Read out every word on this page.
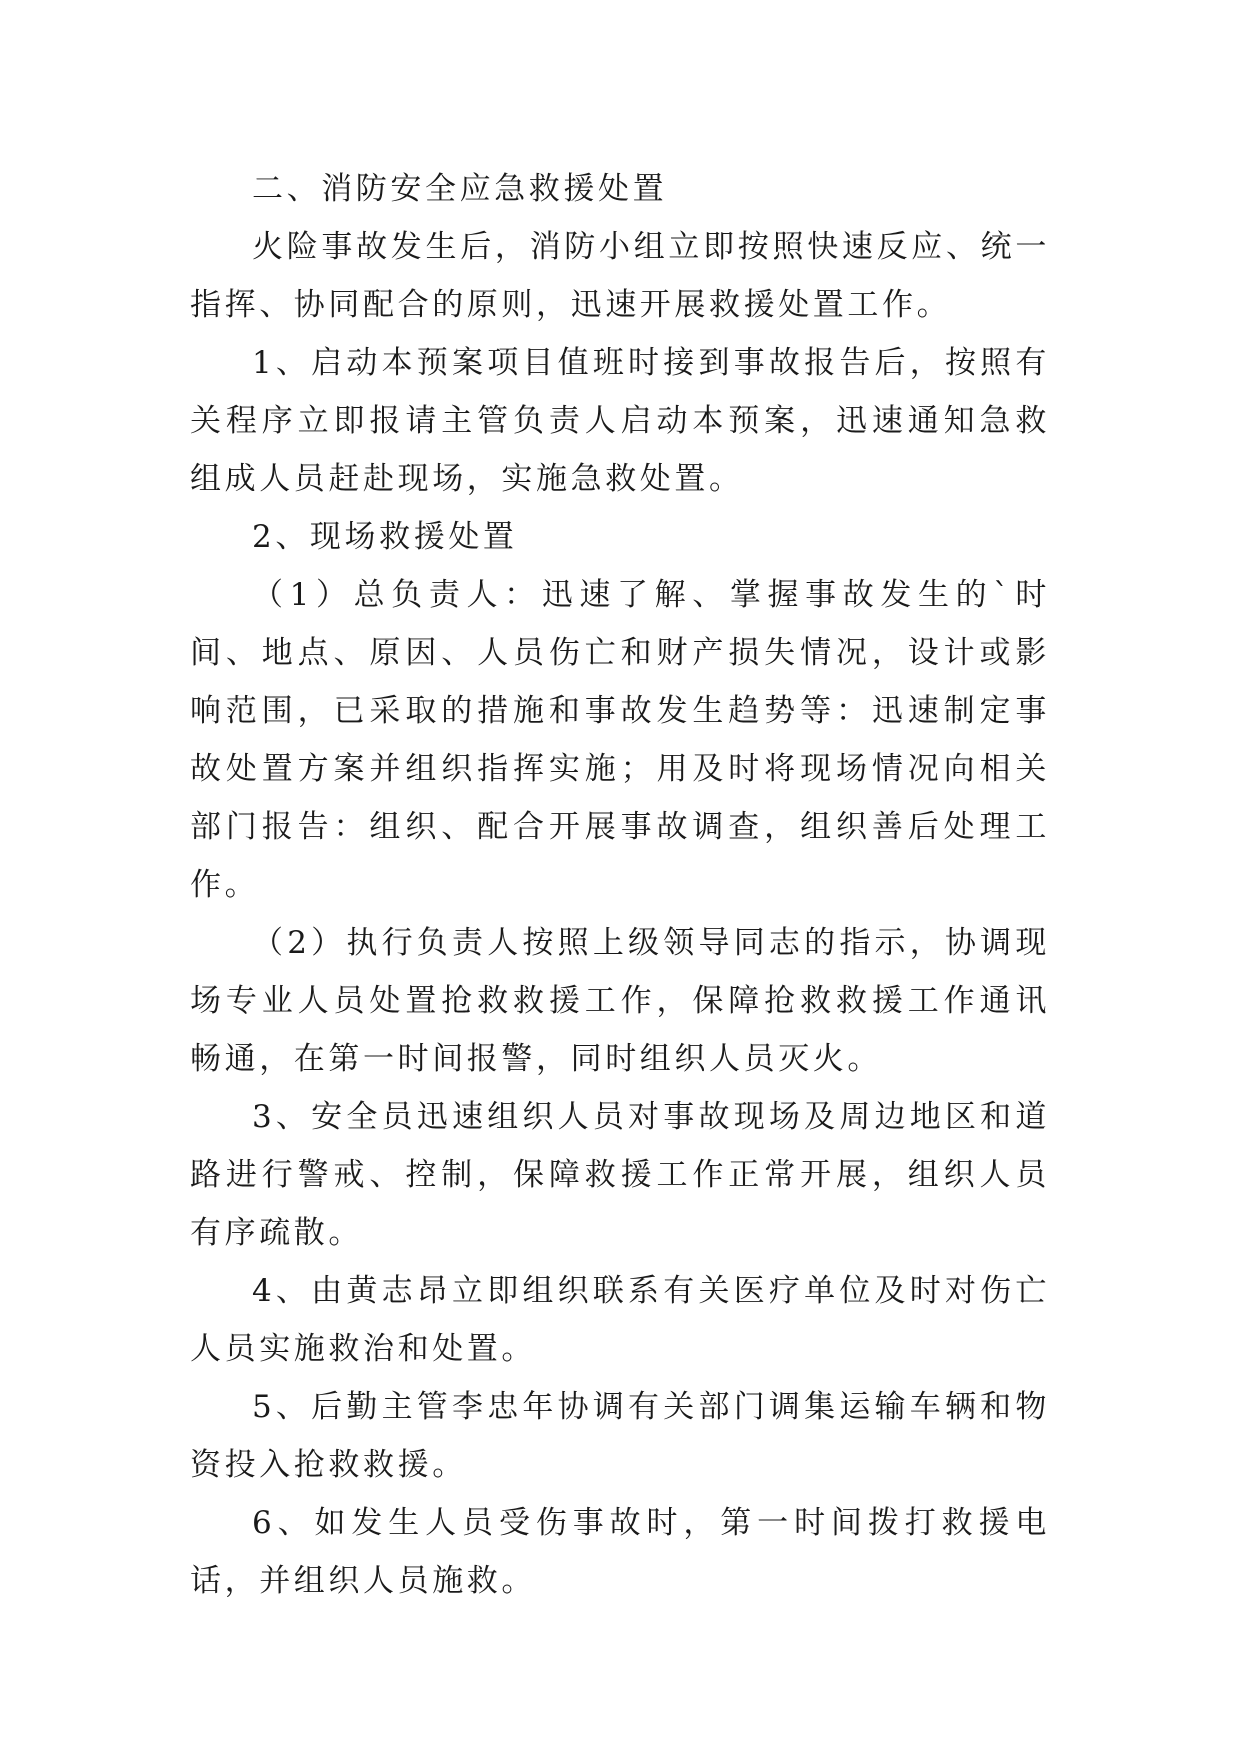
二、消防安全应急救援处置

火险事故发生后，消防小组立即按照快速反应、统一指挥、协同配合的原则，迅速开展救援处置工作。

1、启动本预案项目值班时接到事故报告后，按照有关程序立即报请主管负责人启动本预案，迅速通知急救组成人员赶赴现场，实施急救处置。

2、现场救援处置

（1）总负责人：迅速了解、掌握事故发生的`时间、地点、原因、人员伤亡和财产损失情况，设计或影响范围，已采取的措施和事故发生趋势等：迅速制定事故处置方案并组织指挥实施；用及时将现场情况向相关部门报告：组织、配合开展事故调查，组织善后处理工作。

（2）执行负责人按照上级领导同志的指示，协调现场专业人员处置抢救救援工作，保障抢救救援工作通讯畅通，在第一时间报警，同时组织人员灭火。

3、安全员迅速组织人员对事故现场及周边地区和道路进行警戒、控制，保障救援工作正常开展，组织人员有序疏散。

4、由黄志昂立即组织联系有关医疗单位及时对伤亡人员实施救治和处置。

5、后勤主管李忠年协调有关部门调集运输车辆和物资投入抢救救援。

6、如发生人员受伤事故时，第一时间拨打救援电话，并组织人员施救。
